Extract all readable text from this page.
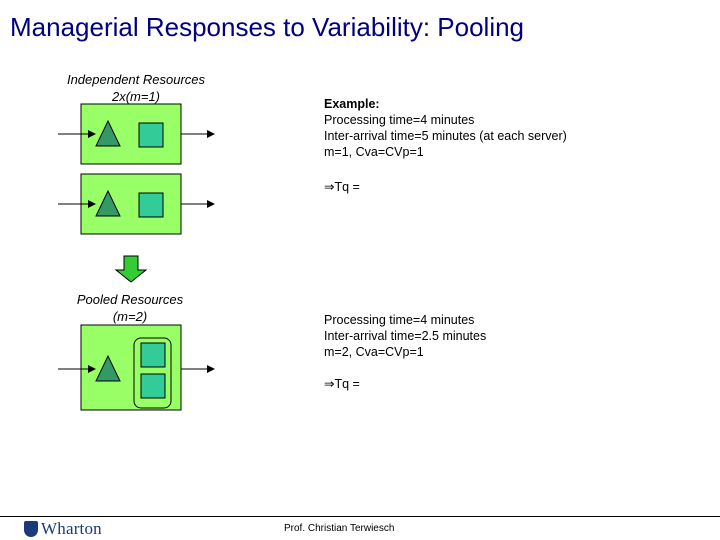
Managerial Responses to Variability: Pooling
Independent Resources
2x(m=1)
Pooled Resources
(m=2)
Example:
Processing time=4 minutes
Inter-arrival time=5 minutes (at each server)
m=1, Cva=CVp=1
⇒Tq =
Processing time=4 minutes
Inter-arrival time=2.5 minutes
m=2, Cva=CVp=1
⇒Tq =
Wharton	Prof. Christian Terwiesch
